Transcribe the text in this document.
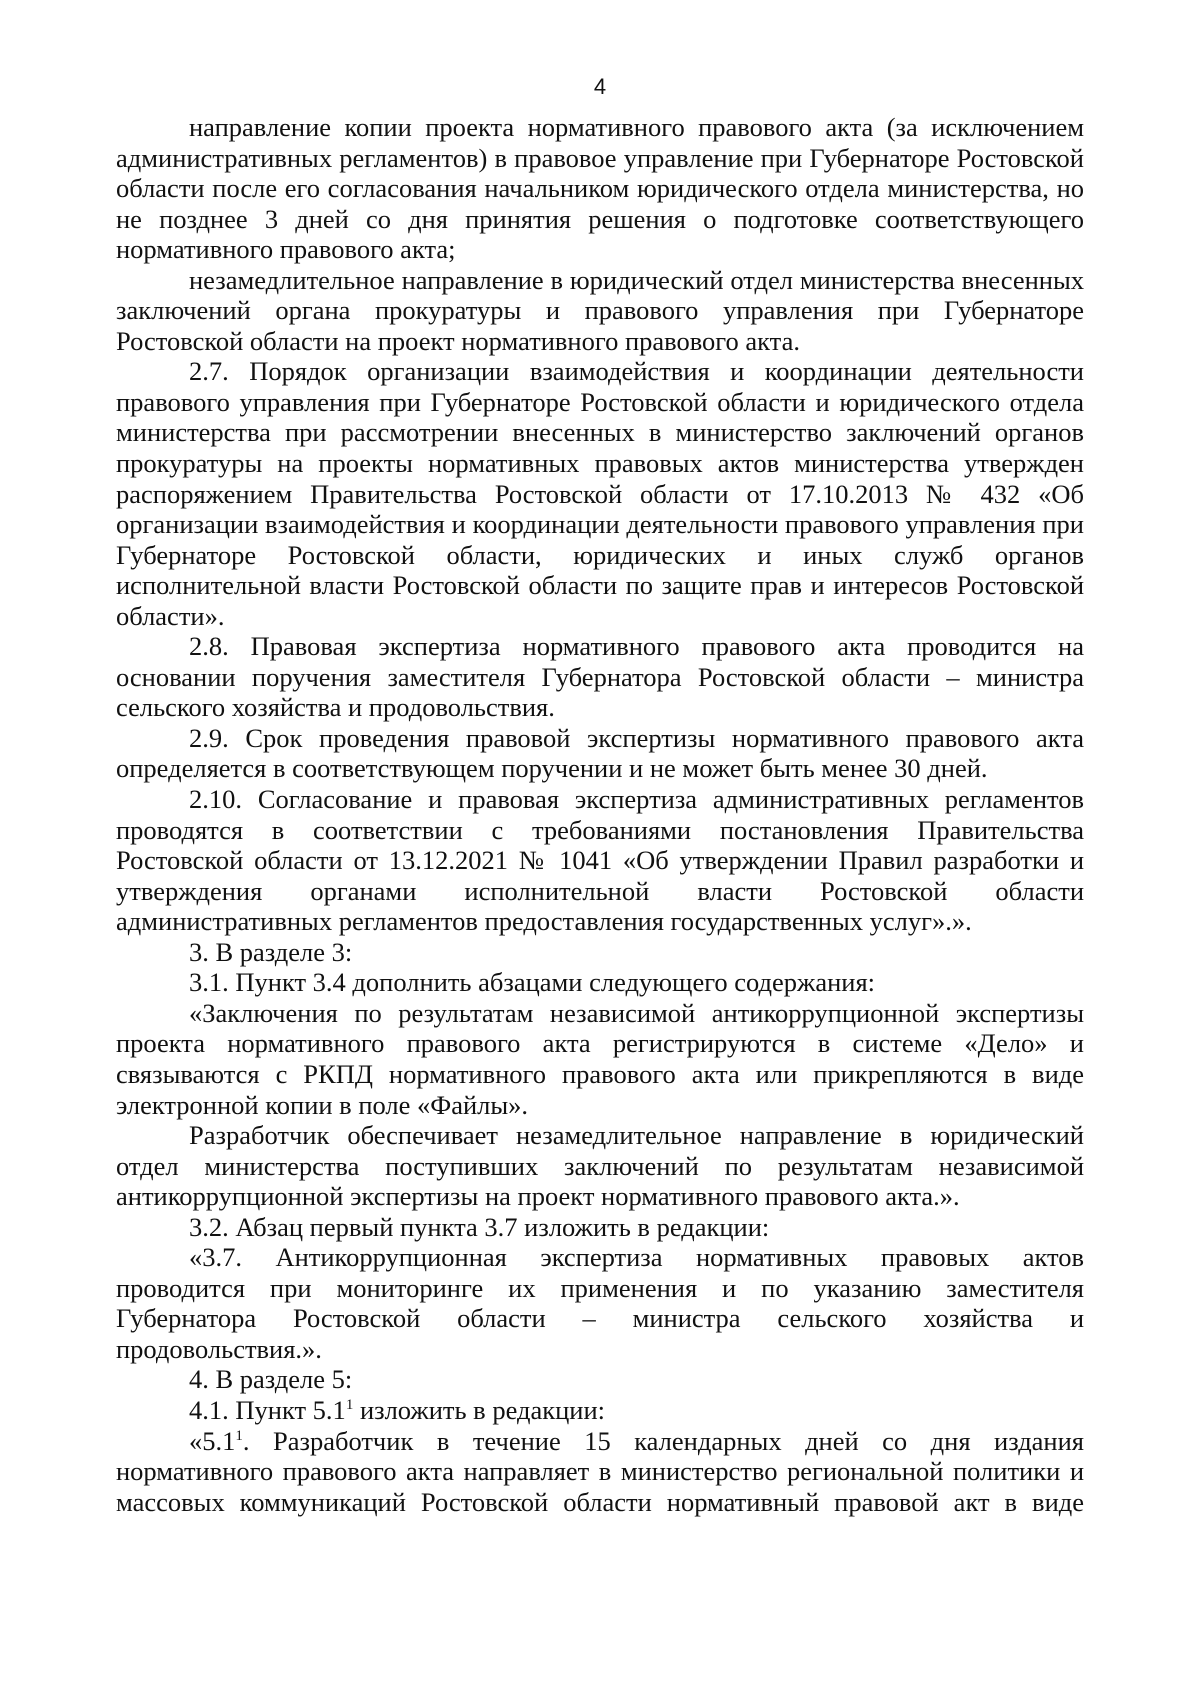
4

направление копии проекта нормативного правового акта (за исключением административных регламентов) в правовое управление при Губернаторе Ростовской области после его согласования начальником юридического отдела министерства, но не позднее 3 дней со дня принятия решения о подготовке соответствующего нормативного правового акта;

незамедлительное направление в юридический отдел министерства внесенных заключений органа прокуратуры и правового управления при Губернаторе Ростовской области на проект нормативного правового акта.

2.7. Порядок организации взаимодействия и координации деятельности правового управления при Губернаторе Ростовской области и юридического отдела министерства при рассмотрении внесенных в министерство заключений органов прокуратуры на проекты нормативных правовых актов министерства утвержден распоряжением Правительства Ростовской области от 17.10.2013 № 432 «Об организации взаимодействия и координации деятельности правового управления при Губернаторе Ростовской области, юридических и иных служб органов исполнительной власти Ростовской области по защите прав и интересов Ростовской области».

2.8. Правовая экспертиза нормативного правового акта проводится на основании поручения заместителя Губернатора Ростовской области – министра сельского хозяйства и продовольствия.

2.9. Срок проведения правовой экспертизы нормативного правового акта определяется в соответствующем поручении и не может быть менее 30 дней.

2.10. Согласование и правовая экспертиза административных регламентов проводятся в соответствии с требованиями постановления Правительства Ростовской области от 13.12.2021 № 1041 «Об утверждении Правил разработки и утверждения органами исполнительной власти Ростовской области административных регламентов предоставления государственных услуг».».

3. В разделе 3:

3.1. Пункт 3.4 дополнить абзацами следующего содержания:

«Заключения по результатам независимой антикоррупционной экспертизы проекта нормативного правового акта регистрируются в системе «Дело» и связываются с РКПД нормативного правового акта или прикрепляются в виде электронной копии в поле «Файлы».

Разработчик обеспечивает незамедлительное направление в юридический отдел министерства поступивших заключений по результатам независимой антикоррупционной экспертизы на проект нормативного правового акта.».

3.2. Абзац первый пункта 3.7 изложить в редакции:

«3.7. Антикоррупционная экспертиза нормативных правовых актов проводится при мониторинге их применения и по указанию заместителя Губернатора Ростовской области – министра сельского хозяйства и продовольствия.».

4. В разделе 5:

4.1. Пункт $5.1^1$ изложить в редакции:

«$5.1^1$. Разработчик в течение 15 календарных дней со дня издания нормативного правового акта направляет в министерство региональной политики и массовых коммуникаций Ростовской области нормативный правовой акт в виде
